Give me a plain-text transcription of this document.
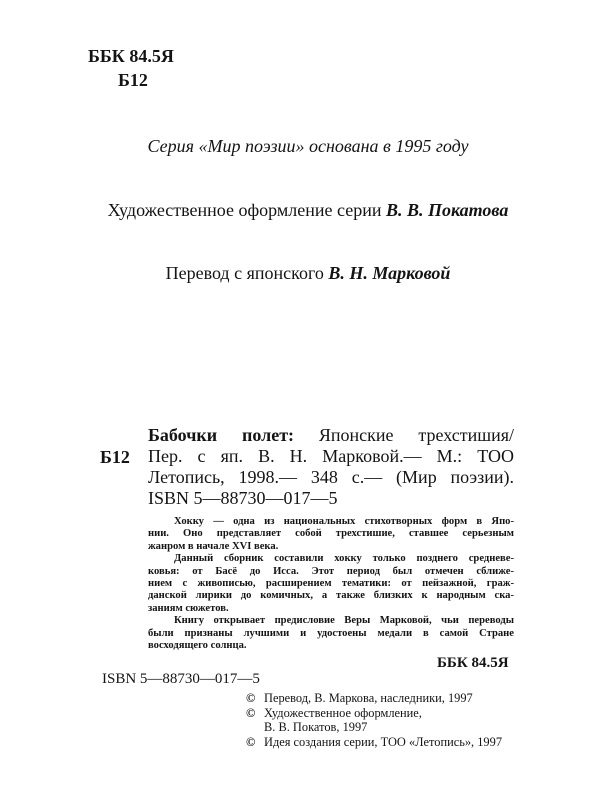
ББК 84.5Я
Б12
Серия «Мир поэзии» основана в 1995 году
Художественное оформление серии В. В. Покатова
Перевод с японского В. Н. Марковой
Б12
Бабочки полет: Японские трехстишия/
Пер. с яп. В. Н. Марковой.— М.: ТОО
Летопись, 1998.— 348 с.— (Мир поэзии).
ISBN 5—88730—017—5
Хокку — одна из национальных стихотворных форм в Япо-
нии. Оно представляет собой трехстишие, ставшее серьезным
жанром в начале XVI века.
Данный сборник составили хокку только позднего средневе-
ковья: от Басё до Исса. Этот период был отмечен сближе-
нием с живописью, расширением тематики: от пейзажной, граж-
данской лирики до комичных, а также близких к народным ска-
заниям сюжетов.
Книгу открывает предисловие Веры Марковой, чьи переводы
были признаны лучшими и удостоены медали в самой Стране
восходящего солнца.
ББК 84.5Я
ISBN 5—88730—017—5
© Перевод, В. Маркова, наследники, 1997
© Художественное оформление,
В. В. Покатов, 1997
© Идея создания серии, ТОО «Летопись», 1997
